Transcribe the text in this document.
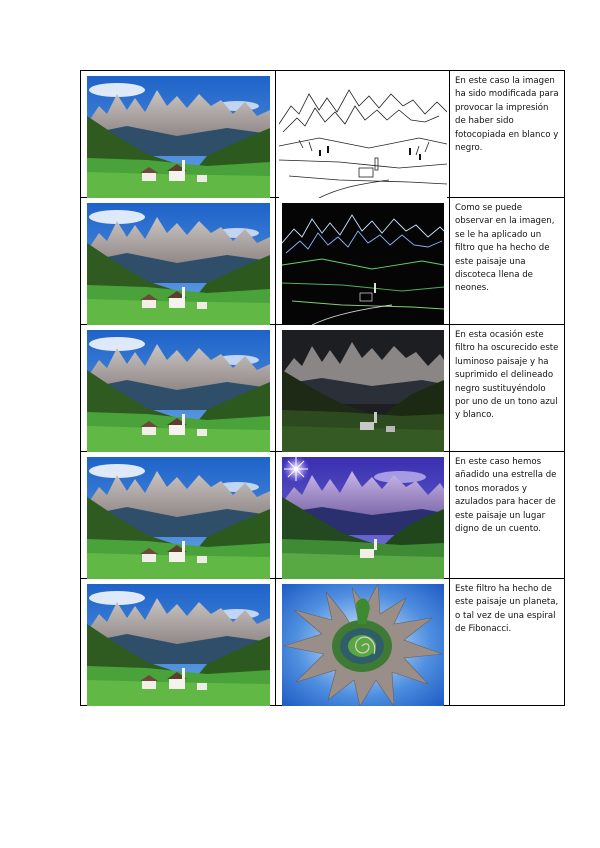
En este caso la imagen ha sido modificada para provocar la impresión de haber sido fotocopiada en blanco y negro.

Como se puede observar en la imagen, se le ha aplicado un filtro que ha hecho de este paisaje una discoteca llena de neones.

En esta ocasión este filtro ha oscurecido este luminoso paisaje y ha suprimido el delineado negro sustituyéndolo por uno de un tono azul y blanco.

En este caso hemos añadido una estrella de tonos morados y azulados para hacer de este paisaje un lugar digno de un cuento.

Este filtro ha hecho de este paisaje un planeta, o tal vez de una espiral de Fibonacci.
